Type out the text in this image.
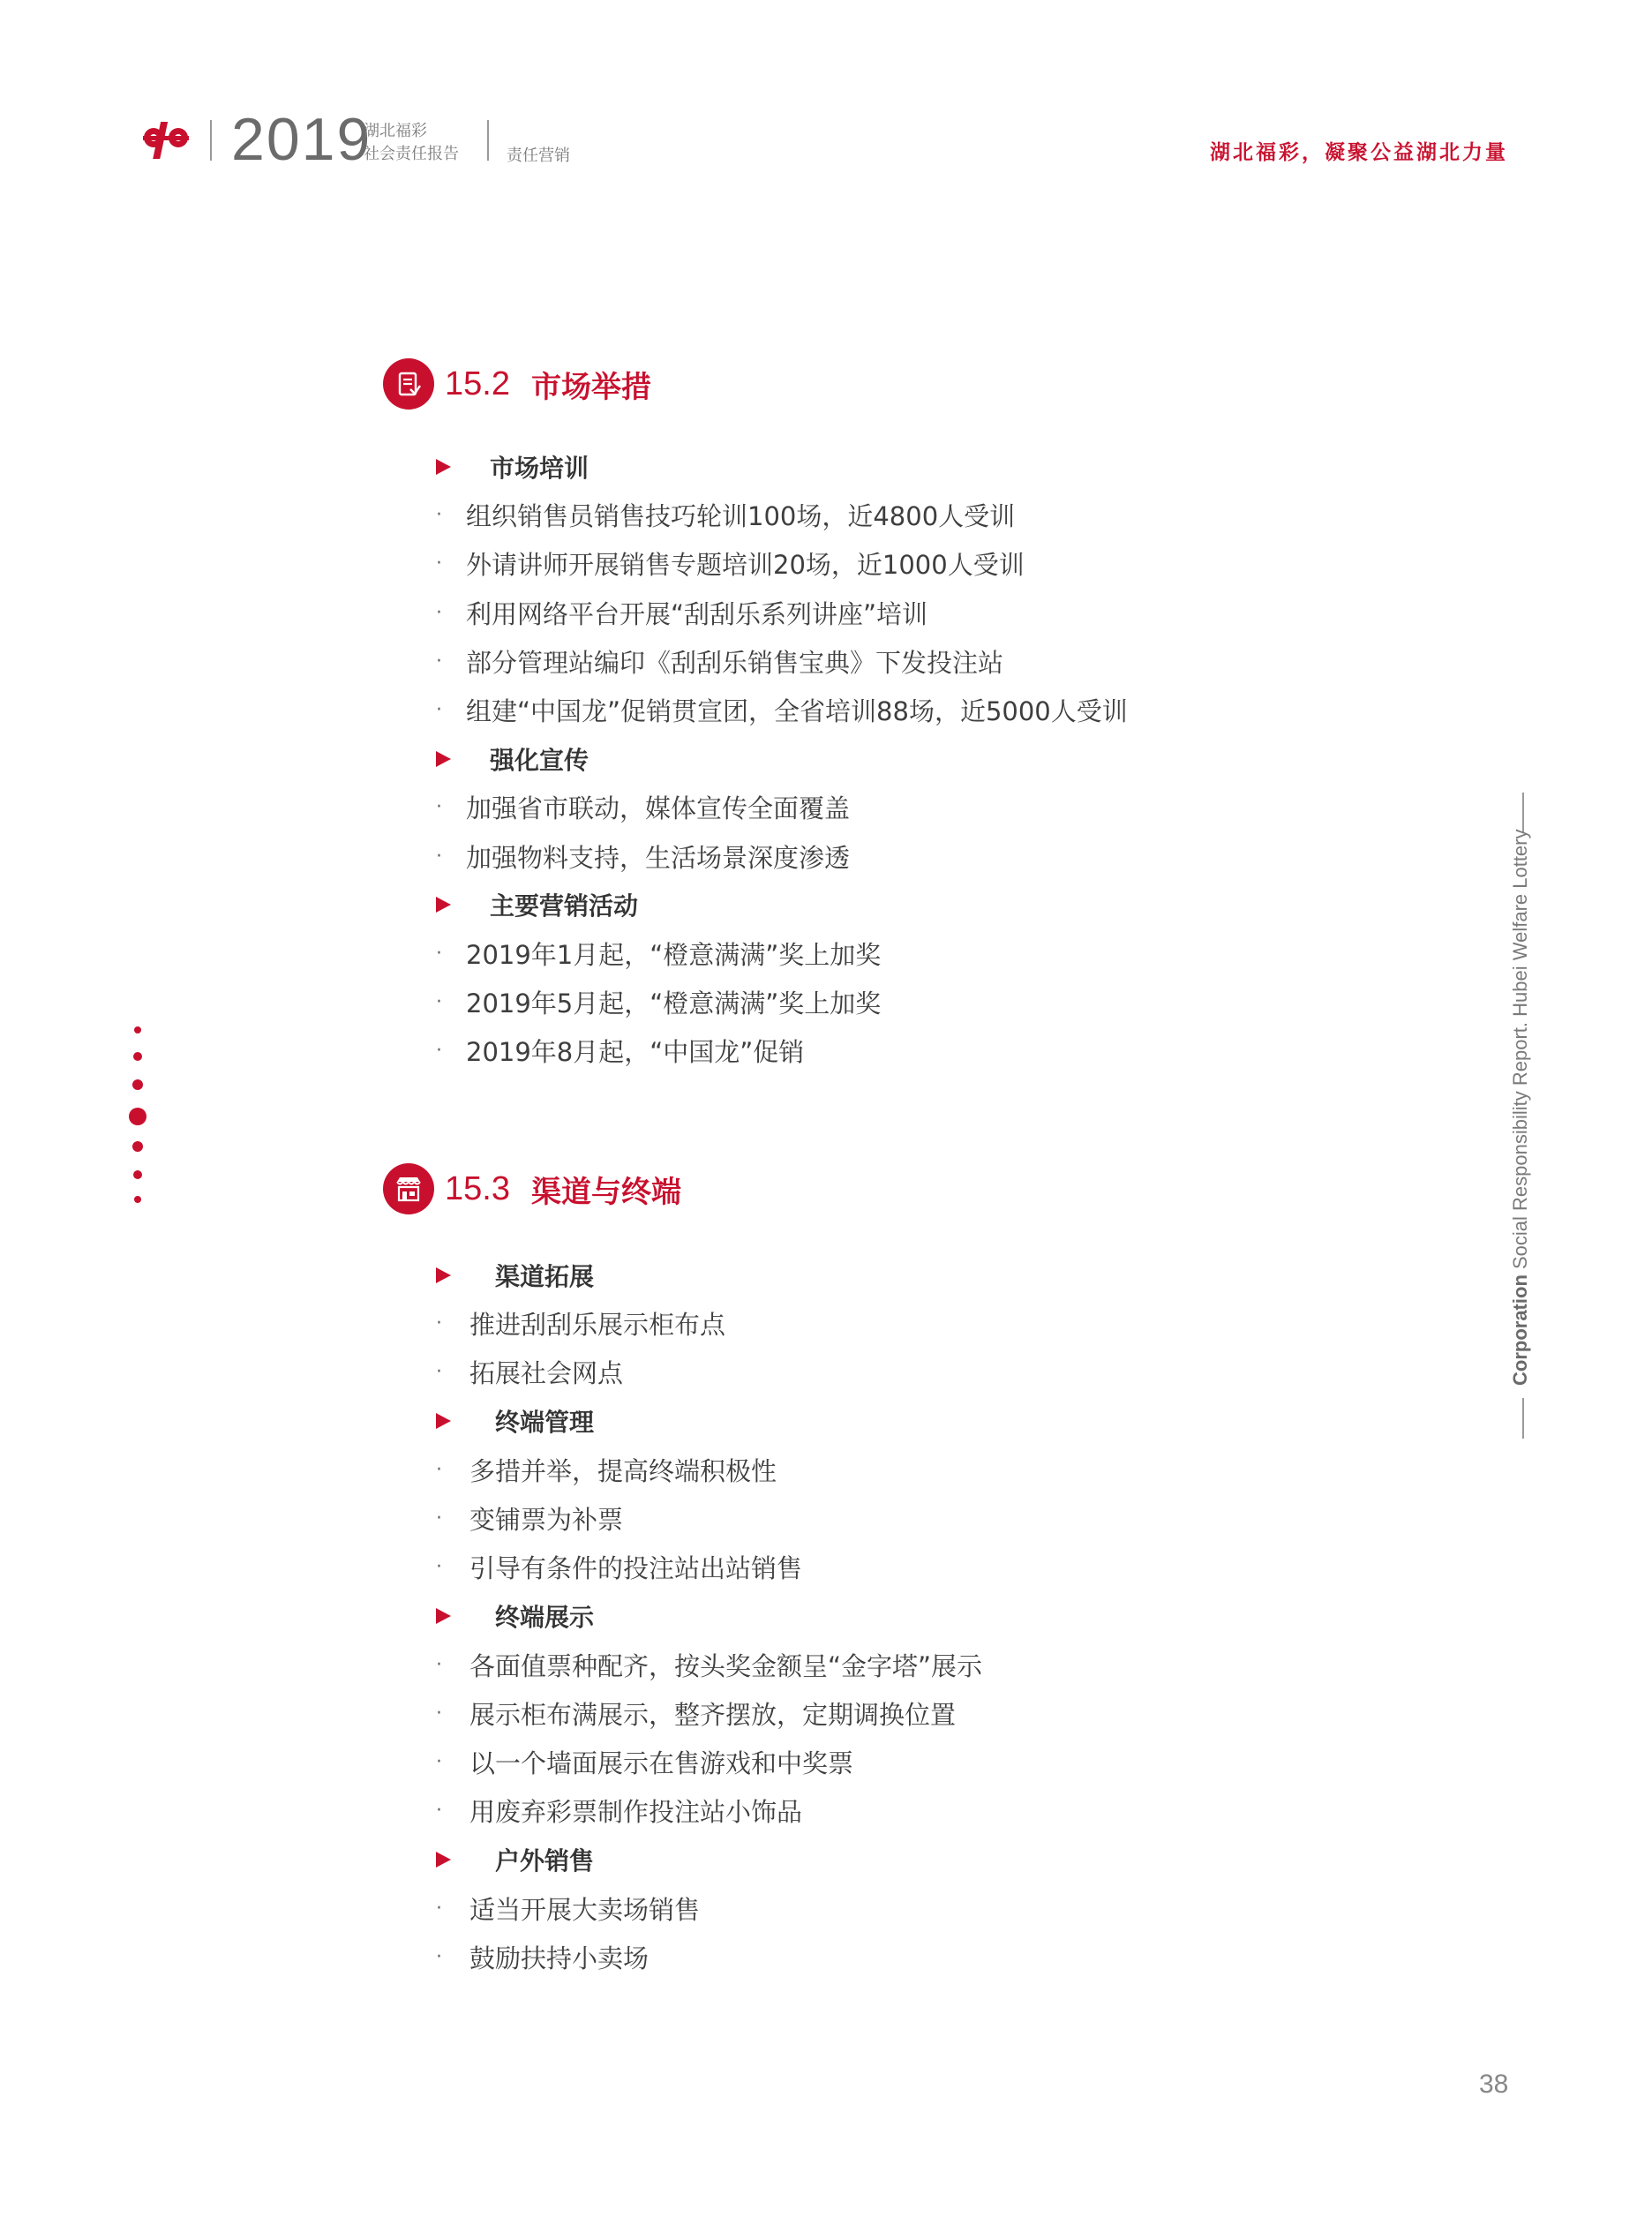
2019
湖北福彩
社会责任报告	责任营销	湖北福彩，凝聚公益湖北力量
15.2 市场举措
市场培训
· 组织销售员销售技巧轮训100场，近4800人受训
· 外请讲师开展销售专题培训20场，近1000人受训
· 利用网络平台开展“刮刮乐系列讲座”培训
· 部分管理站编印《刮刮乐销售宝典》下发投注站
· 组建“中国龙”促销贯宣团，全省培训88场，近5000人受训
强化宣传
· 加强省市联动，媒体宣传全面覆盖
· 加强物料支持，生活场景深度渗透
主要营销活动
· 2019年1月起，“橙意满满”奖上加奖
· 2019年5月起，“橙意满满”奖上加奖
· 2019年8月起，“中国龙”促销
15.3 渠道与终端
渠道拓展
·	推进刮刮乐展示柜布点
·	拓展社会网点
终端管理
·	多措并举，提高终端积极性
·	变铺票为补票
·	引导有条件的投注站出站销售
终端展示
·	各面值票种配齐，按头奖金额呈“金字塔”展示
·	展示柜布满展示，整齐摆放，定期调换位置
·	以一个墙面展示在售游戏和中奖票
·	用废弃彩票制作投注站小饰品
户外销售
·	适当开展大卖场销售
·	鼓励扶持小卖场
Corporation Social Responsibility Report. Hubei Welfare Lottery
38
